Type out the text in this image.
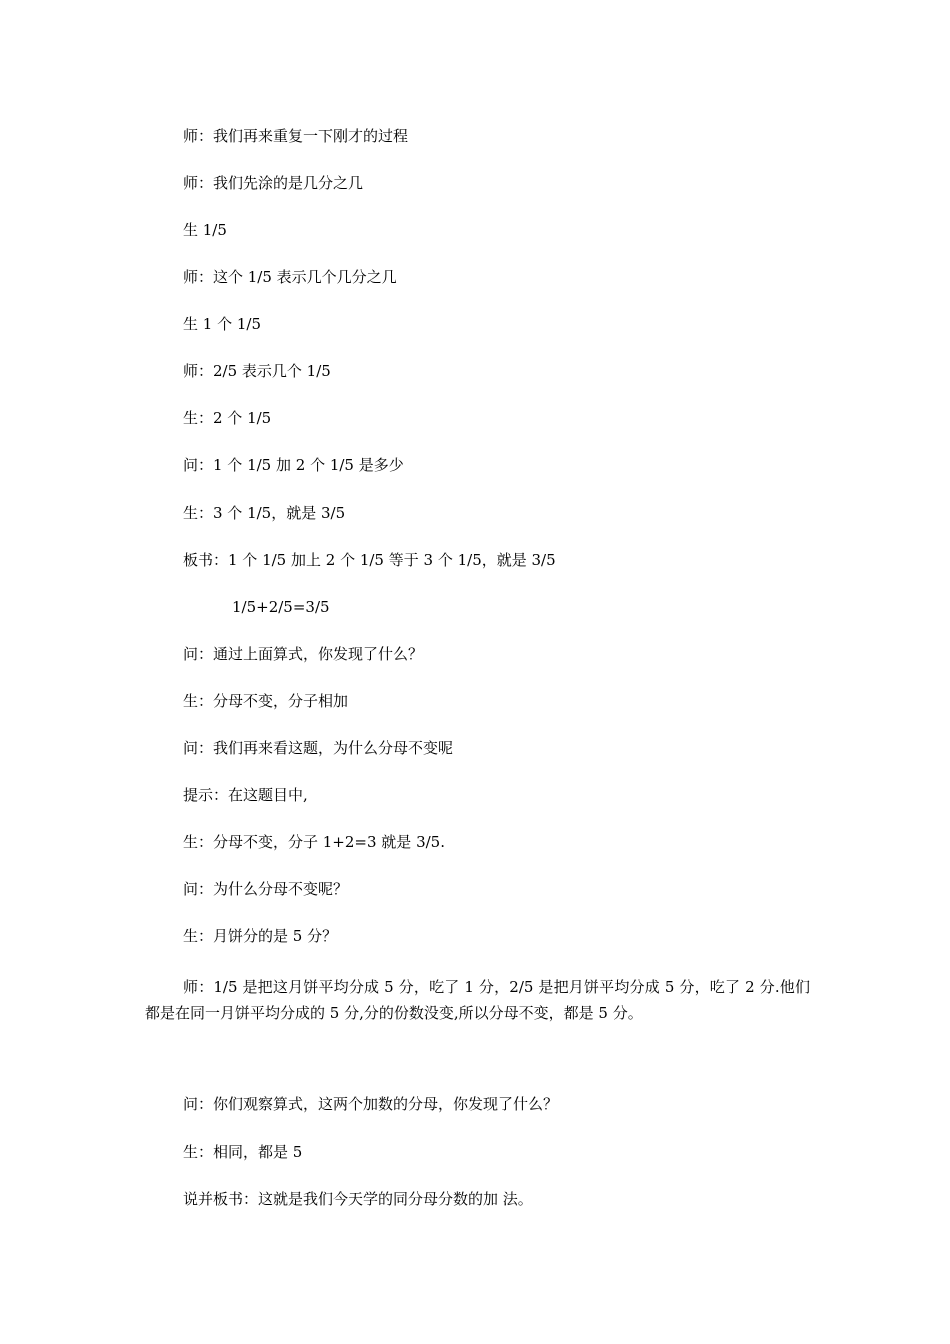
师：我们再来重复一下刚才的过程
师：我们先涂的是几分之几
生 1/5
师：这个 1/5 表示几个几分之几
生 1 个 1/5
师：2/5 表示几个 1/5
生：2 个 1/5
问：1 个 1/5 加 2 个 1/5 是多少
生：3 个 1/5，就是 3/5
板书：1 个 1/5 加上 2 个 1/5 等于 3 个 1/5，就是 3/5
1/5+2/5=3/5
问：通过上面算式，你发现了什么？
生：分母不变，分子相加
问：我们再来看这题，为什么分母不变呢
提示：在这题目中,
生：分母不变，分子 1+2=3 就是 3/5.
问：为什么分母不变呢？
生：月饼分的是 5 分？
师：1/5 是把这月饼平均分成 5 分，吃了 1 分，2/5 是把月饼平均分成 5 分，吃了 2 分.他们都是在同一月饼平均分成的 5 分,分的份数没变,所以分母不变，都是 5 分。
问：你们观察算式，这两个加数的分母，你发现了什么？
生：相同，都是 5
说并板书：这就是我们今天学的同分母分数的加 法。
